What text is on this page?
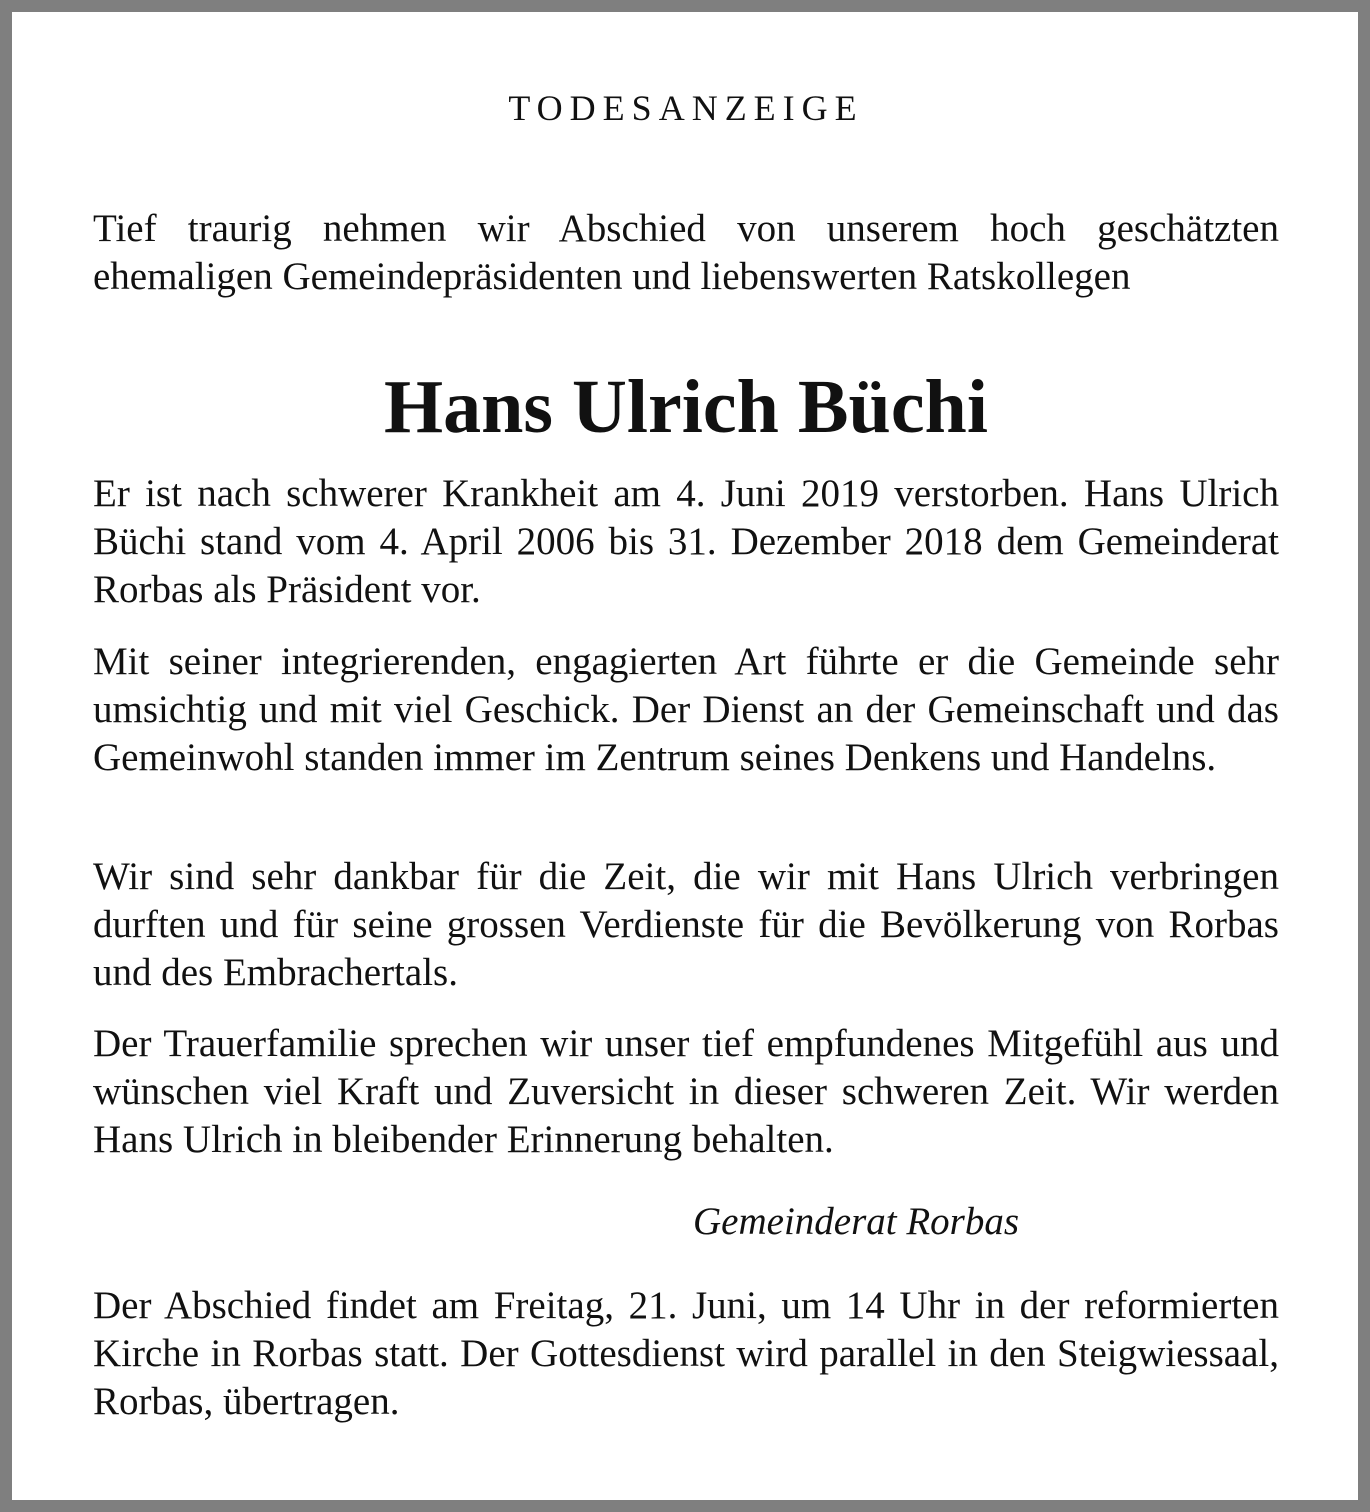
TODESANZEIGE

Tief traurig nehmen wir Abschied von unserem hoch geschätzten ehemaligen Gemeindepräsidenten und liebenswerten Ratskollegen

Hans Ulrich Büchi

Er ist nach schwerer Krankheit am 4. Juni 2019 verstorben. Hans Ulrich Büchi stand vom 4. April 2006 bis 31. Dezember 2018 dem Gemeinderat Rorbas als Präsident vor.

Mit seiner integrierenden, engagierten Art führte er die Gemeinde sehr umsichtig und mit viel Geschick. Der Dienst an der Gemeinschaft und das Gemeinwohl standen immer im Zentrum seines Denkens und Handelns.

Wir sind sehr dankbar für die Zeit, die wir mit Hans Ulrich verbringen durften und für seine grossen Verdienste für die Bevölkerung von Rorbas und des Embrachertals.

Der Trauerfamilie sprechen wir unser tief empfundenes Mitgefühl aus und wünschen viel Kraft und Zuversicht in dieser schweren Zeit. Wir werden Hans Ulrich in bleibender Erinnerung behalten.

Gemeinderat Rorbas

Der Abschied findet am Freitag, 21. Juni, um 14 Uhr in der reformierten Kirche in Rorbas statt. Der Gottesdienst wird parallel in den Steigwiessaal, Rorbas, übertragen.
